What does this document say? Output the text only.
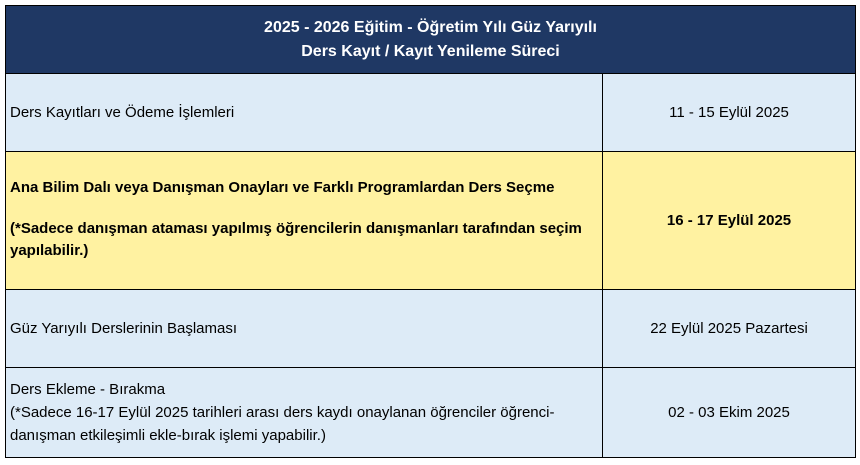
2025 - 2026 Eğitim - Öğretim Yılı Güz Yarıyılı
Ders Kayıt / Kayıt Yenileme Süreci
Ders Kayıtları ve Ödeme İşlemleri	11 - 15 Eylül 2025
Ana Bilim Dalı veya Danışman Onayları ve Farklı Programlardan Ders Seçme
(*Sadece danışman ataması yapılmış öğrencilerin danışmanları tarafından seçim
yapılabilir.)
16 - 17 Eylül 2025
Güz Yarıyılı Derslerinin Başlaması	22 Eylül 2025 Pazartesi
Ders Ekleme - Bırakma
(*Sadece 16-17 Eylül 2025 tarihleri arası ders kaydı onaylanan öğrenciler öğrenci-
danışman etkileşimli ekle-bırak işlemi yapabilir.)
02 - 03 Ekim 2025
